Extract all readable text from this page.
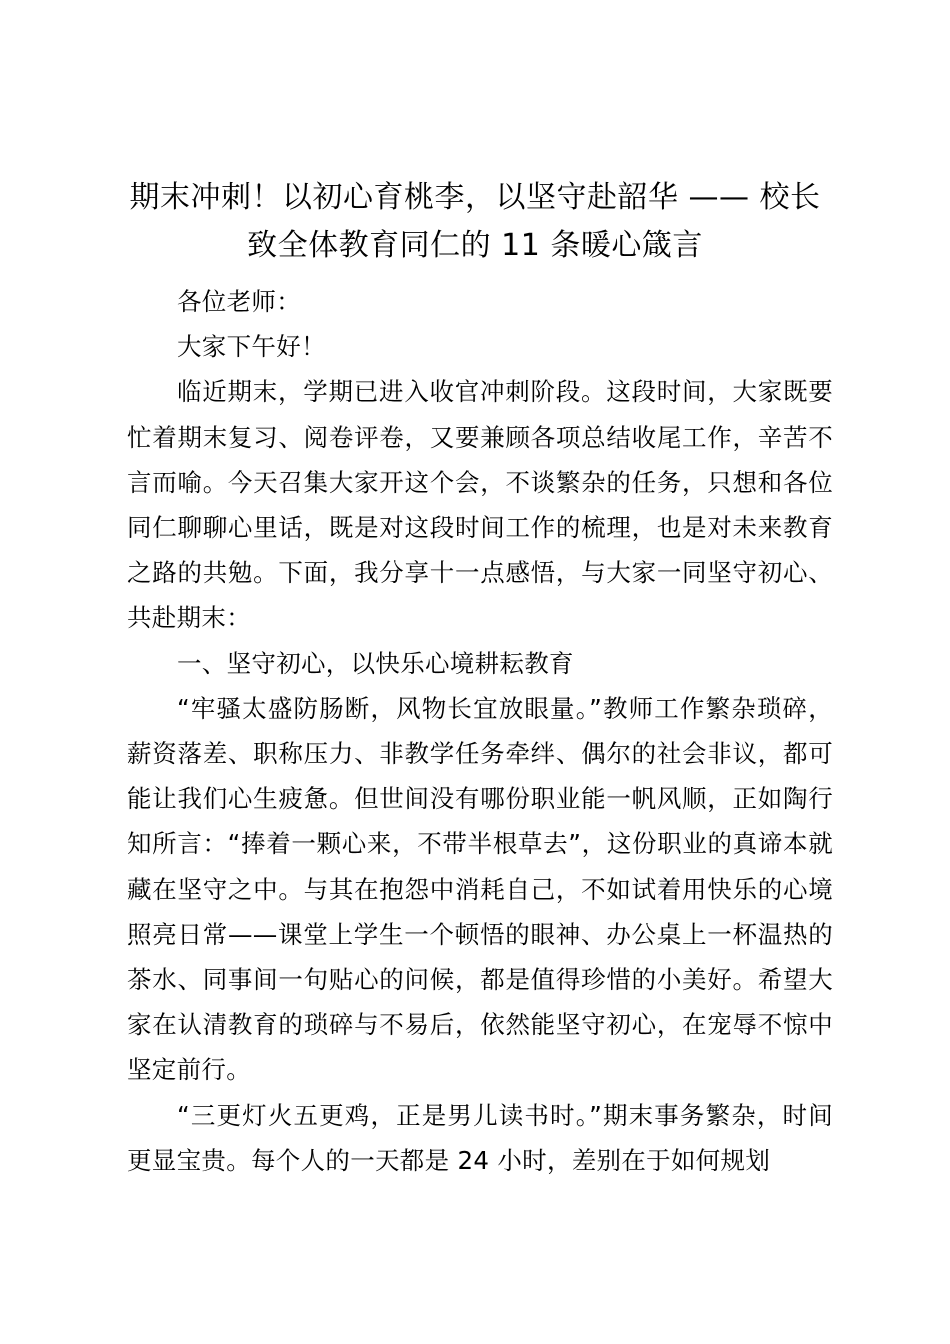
期末冲刺！以初心育桃李，以坚守赴韶华 —— 校长致全体教育同仁的 11 条暖心箴言

各位老师：

大家下午好！

临近期末，学期已进入收官冲刺阶段。这段时间，大家既要忙着期末复习、阅卷评卷，又要兼顾各项总结收尾工作，辛苦不言而喻。今天召集大家开这个会，不谈繁杂的任务，只想和各位同仁聊聊心里话，既是对这段时间工作的梳理，也是对未来教育之路的共勉。下面，我分享十一点感悟，与大家一同坚守初心、共赴期末：

一、坚守初心，以快乐心境耕耘教育

“牢骚太盛防肠断，风物长宜放眼量。”教师工作繁杂琐碎，薪资落差、职称压力、非教学任务牵绊、偶尔的社会非议，都可能让我们心生疲惫。但世间没有哪份职业能一帆风顺，正如陶行知所言：“捧着一颗心来，不带半根草去”，这份职业的真谛本就藏在坚守之中。与其在抱怨中消耗自己，不如试着用快乐的心境照亮日常——课堂上学生一个顿悟的眼神、办公桌上一杯温热的茶水、同事间一句贴心的问候，都是值得珍惜的小美好。希望大家在认清教育的琐碎与不易后，依然能坚守初心，在宠辱不惊中坚定前行。

“三更灯火五更鸡，正是男儿读书时。”期末事务繁杂，时间更显宝贵。每个人的一天都是 24 小时，差别在于如何规划
